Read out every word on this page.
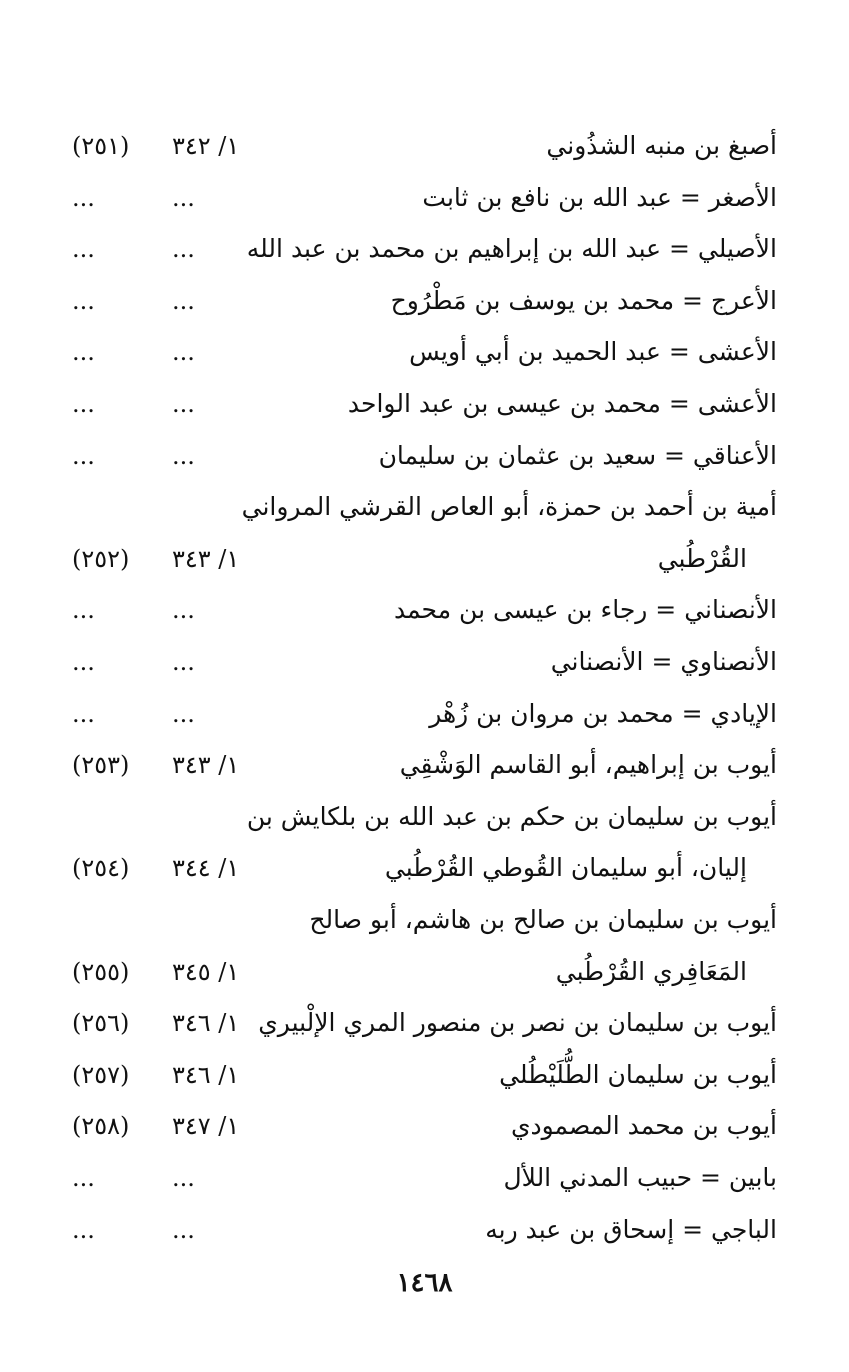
أصبغ بن منبه الشذُوني
١/ ٣٤٢
(٢٥١)
الأصغر = عبد الله بن نافع بن ثابت
...
...
الأصيلي = عبد الله بن إبراهيم بن محمد بن عبد الله
...
...
الأعرج = محمد بن يوسف بن مَطْرُوح
...
...
الأعشى = عبد الحميد بن أبي أويس
...
...
الأعشى = محمد بن عيسى بن عبد الواحد
...
...
الأعناقي = سعيد بن عثمان بن سليمان
...
...
أمية بن أحمد بن حمزة، أبو العاص القرشي المرواني
القُرْطُبي
١/ ٣٤٣
(٢٥٢)
الأنصناني = رجاء بن عيسى بن محمد
...
...
الأنصناوي = الأنصناني
...
...
الإيادي = محمد بن مروان بن زُهْر
...
...
أيوب بن إبراهيم، أبو القاسم الوَشْقِي
١/ ٣٤٣
(٢٥٣)
أيوب بن سليمان بن حكم بن عبد الله بن بلكايش بن
إليان، أبو سليمان القُوطي القُرْطُبي
١/ ٣٤٤
(٢٥٤)
أيوب بن سليمان بن صالح بن هاشم، أبو صالح
المَعَافِري القُرْطُبي
١/ ٣٤٥
(٢٥٥)
أيوب بن سليمان بن نصر بن منصور المري الإلْبيري
١/ ٣٤٦
(٢٥٦)
أيوب بن سليمان الطُّلَيْطُلي
١/ ٣٤٦
(٢٥٧)
أيوب بن محمد المصمودي
١/ ٣٤٧
(٢٥٨)
بابين = حبيب المدني اللأل
...
...
الباجي = إسحاق بن عبد ربه
...
...
١٤٦٨
